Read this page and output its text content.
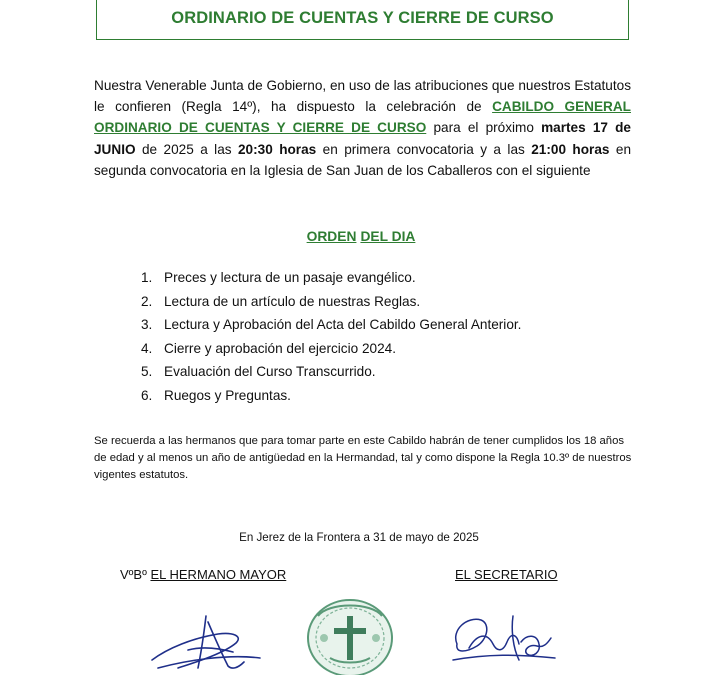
ORDINARIO DE CUENTAS Y CIERRE DE CURSO
Nuestra Venerable Junta de Gobierno, en uso de las atribuciones que nuestros Estatutos le confieren (Regla 14º), ha dispuesto la celebración de CABILDO GENERAL ORDINARIO DE CUENTAS Y CIERRE DE CURSO para el próximo martes 17 de JUNIO de 2025 a las 20:30 horas en primera convocatoria y a las 21:00 horas en segunda convocatoria en la Iglesia de San Juan de los Caballeros con el siguiente
ORDEN DEL DIA
1. Preces y lectura de un pasaje evangélico.
2. Lectura de un artículo de nuestras Reglas.
3. Lectura y Aprobación del Acta del Cabildo General Anterior.
4. Cierre y aprobación del ejercicio 2024.
5. Evaluación del Curso Transcurrido.
6. Ruegos y Preguntas.
Se recuerda a las hermanos que para tomar parte en este Cabildo habrán de tener cumplidos los 18 años de edad y al menos un año de antigüedad en la Hermandad, tal y como dispone la Regla 10.3º de nuestros vigentes estatutos.
En Jerez de la Frontera a 31 de mayo de 2025
VºBº EL HERMANO MAYOR	EL SECRETARIO
